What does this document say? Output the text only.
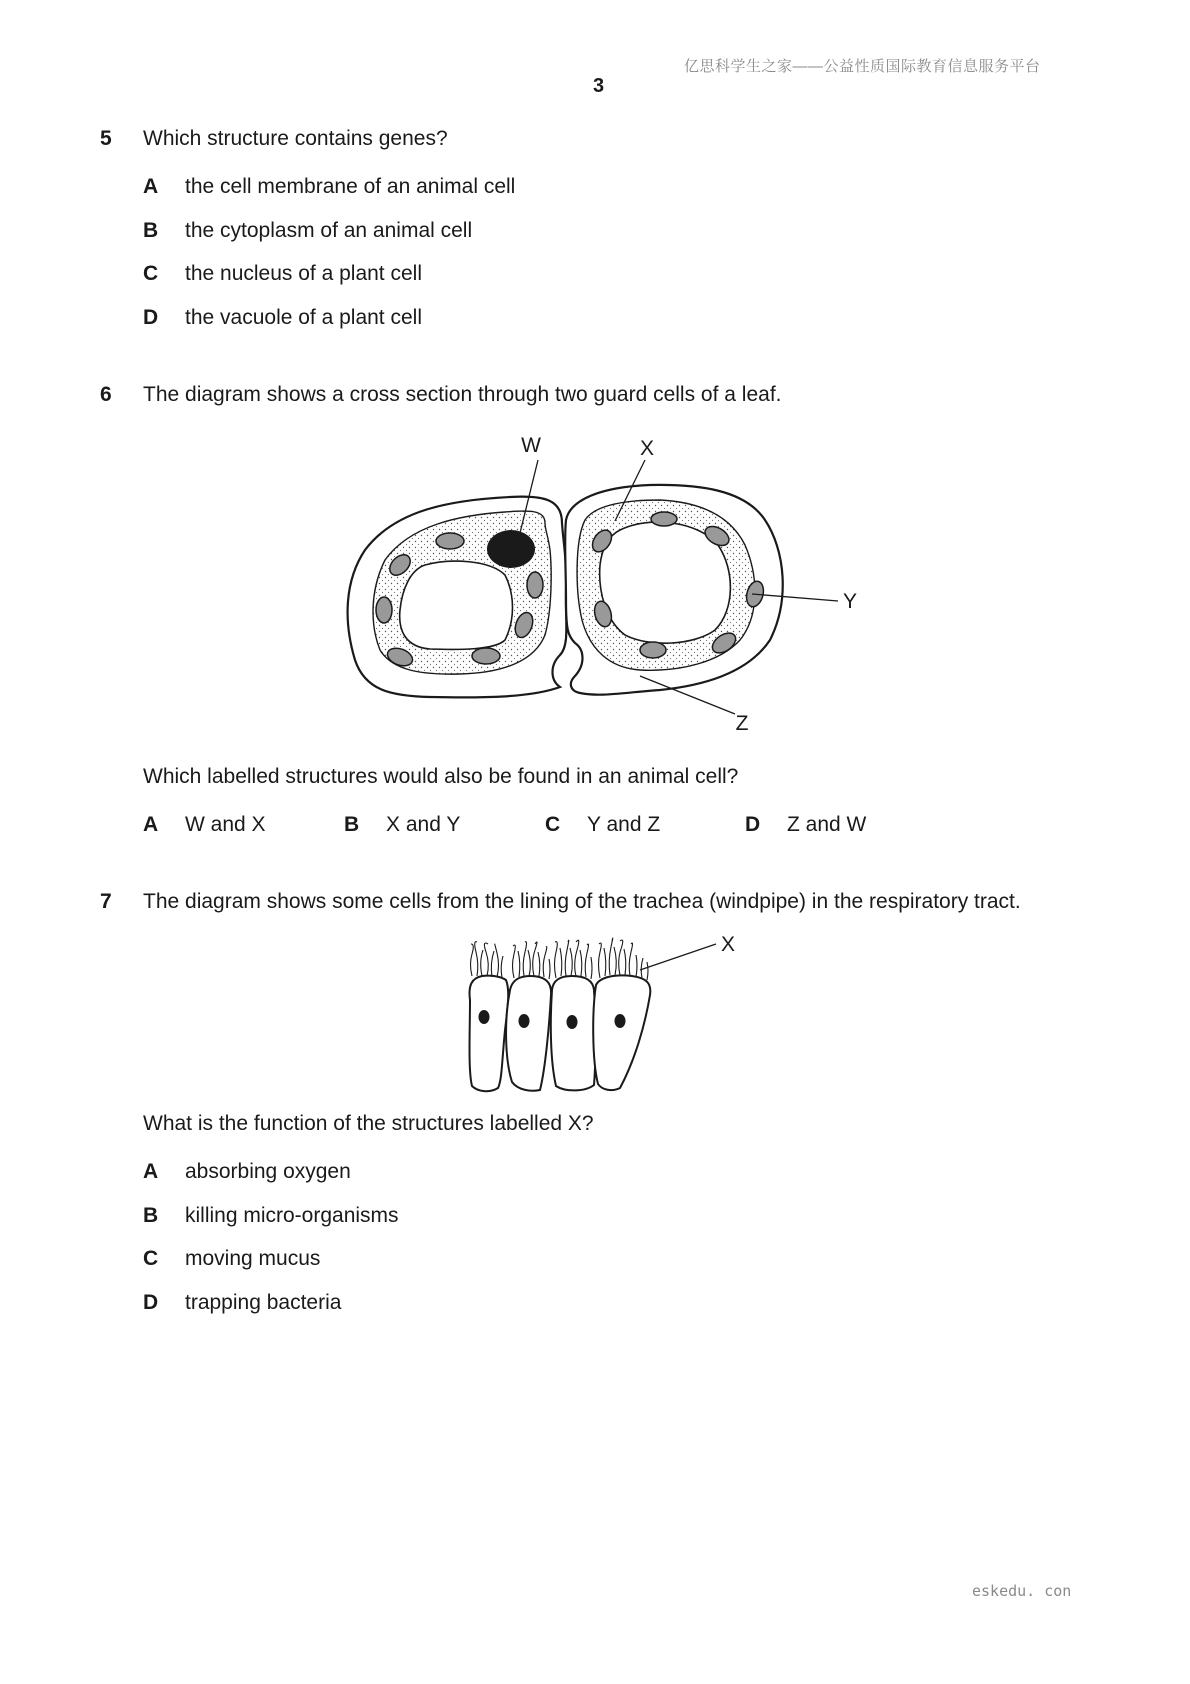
亿思科学生之家——公益性质国际教育信息服务平台
3
5 Which structure contains genes?
A the cell membrane of an animal cell
B the cytoplasm of an animal cell
C the nucleus of a plant cell
D the vacuole of a plant cell
6 The diagram shows a cross section through two guard cells of a leaf.
W	X
Y
Z
Which labelled structures would also be found in an animal cell?
A W and X	B X and Y	C Y and Z	D Z and W
7 The diagram shows some cells from the lining of the trachea (windpipe) in the respiratory tract.
X
What is the function of the structures labelled X?
A absorbing oxygen
B killing micro-organisms
C moving mucus
D trapping bacteria
eskedu. con
